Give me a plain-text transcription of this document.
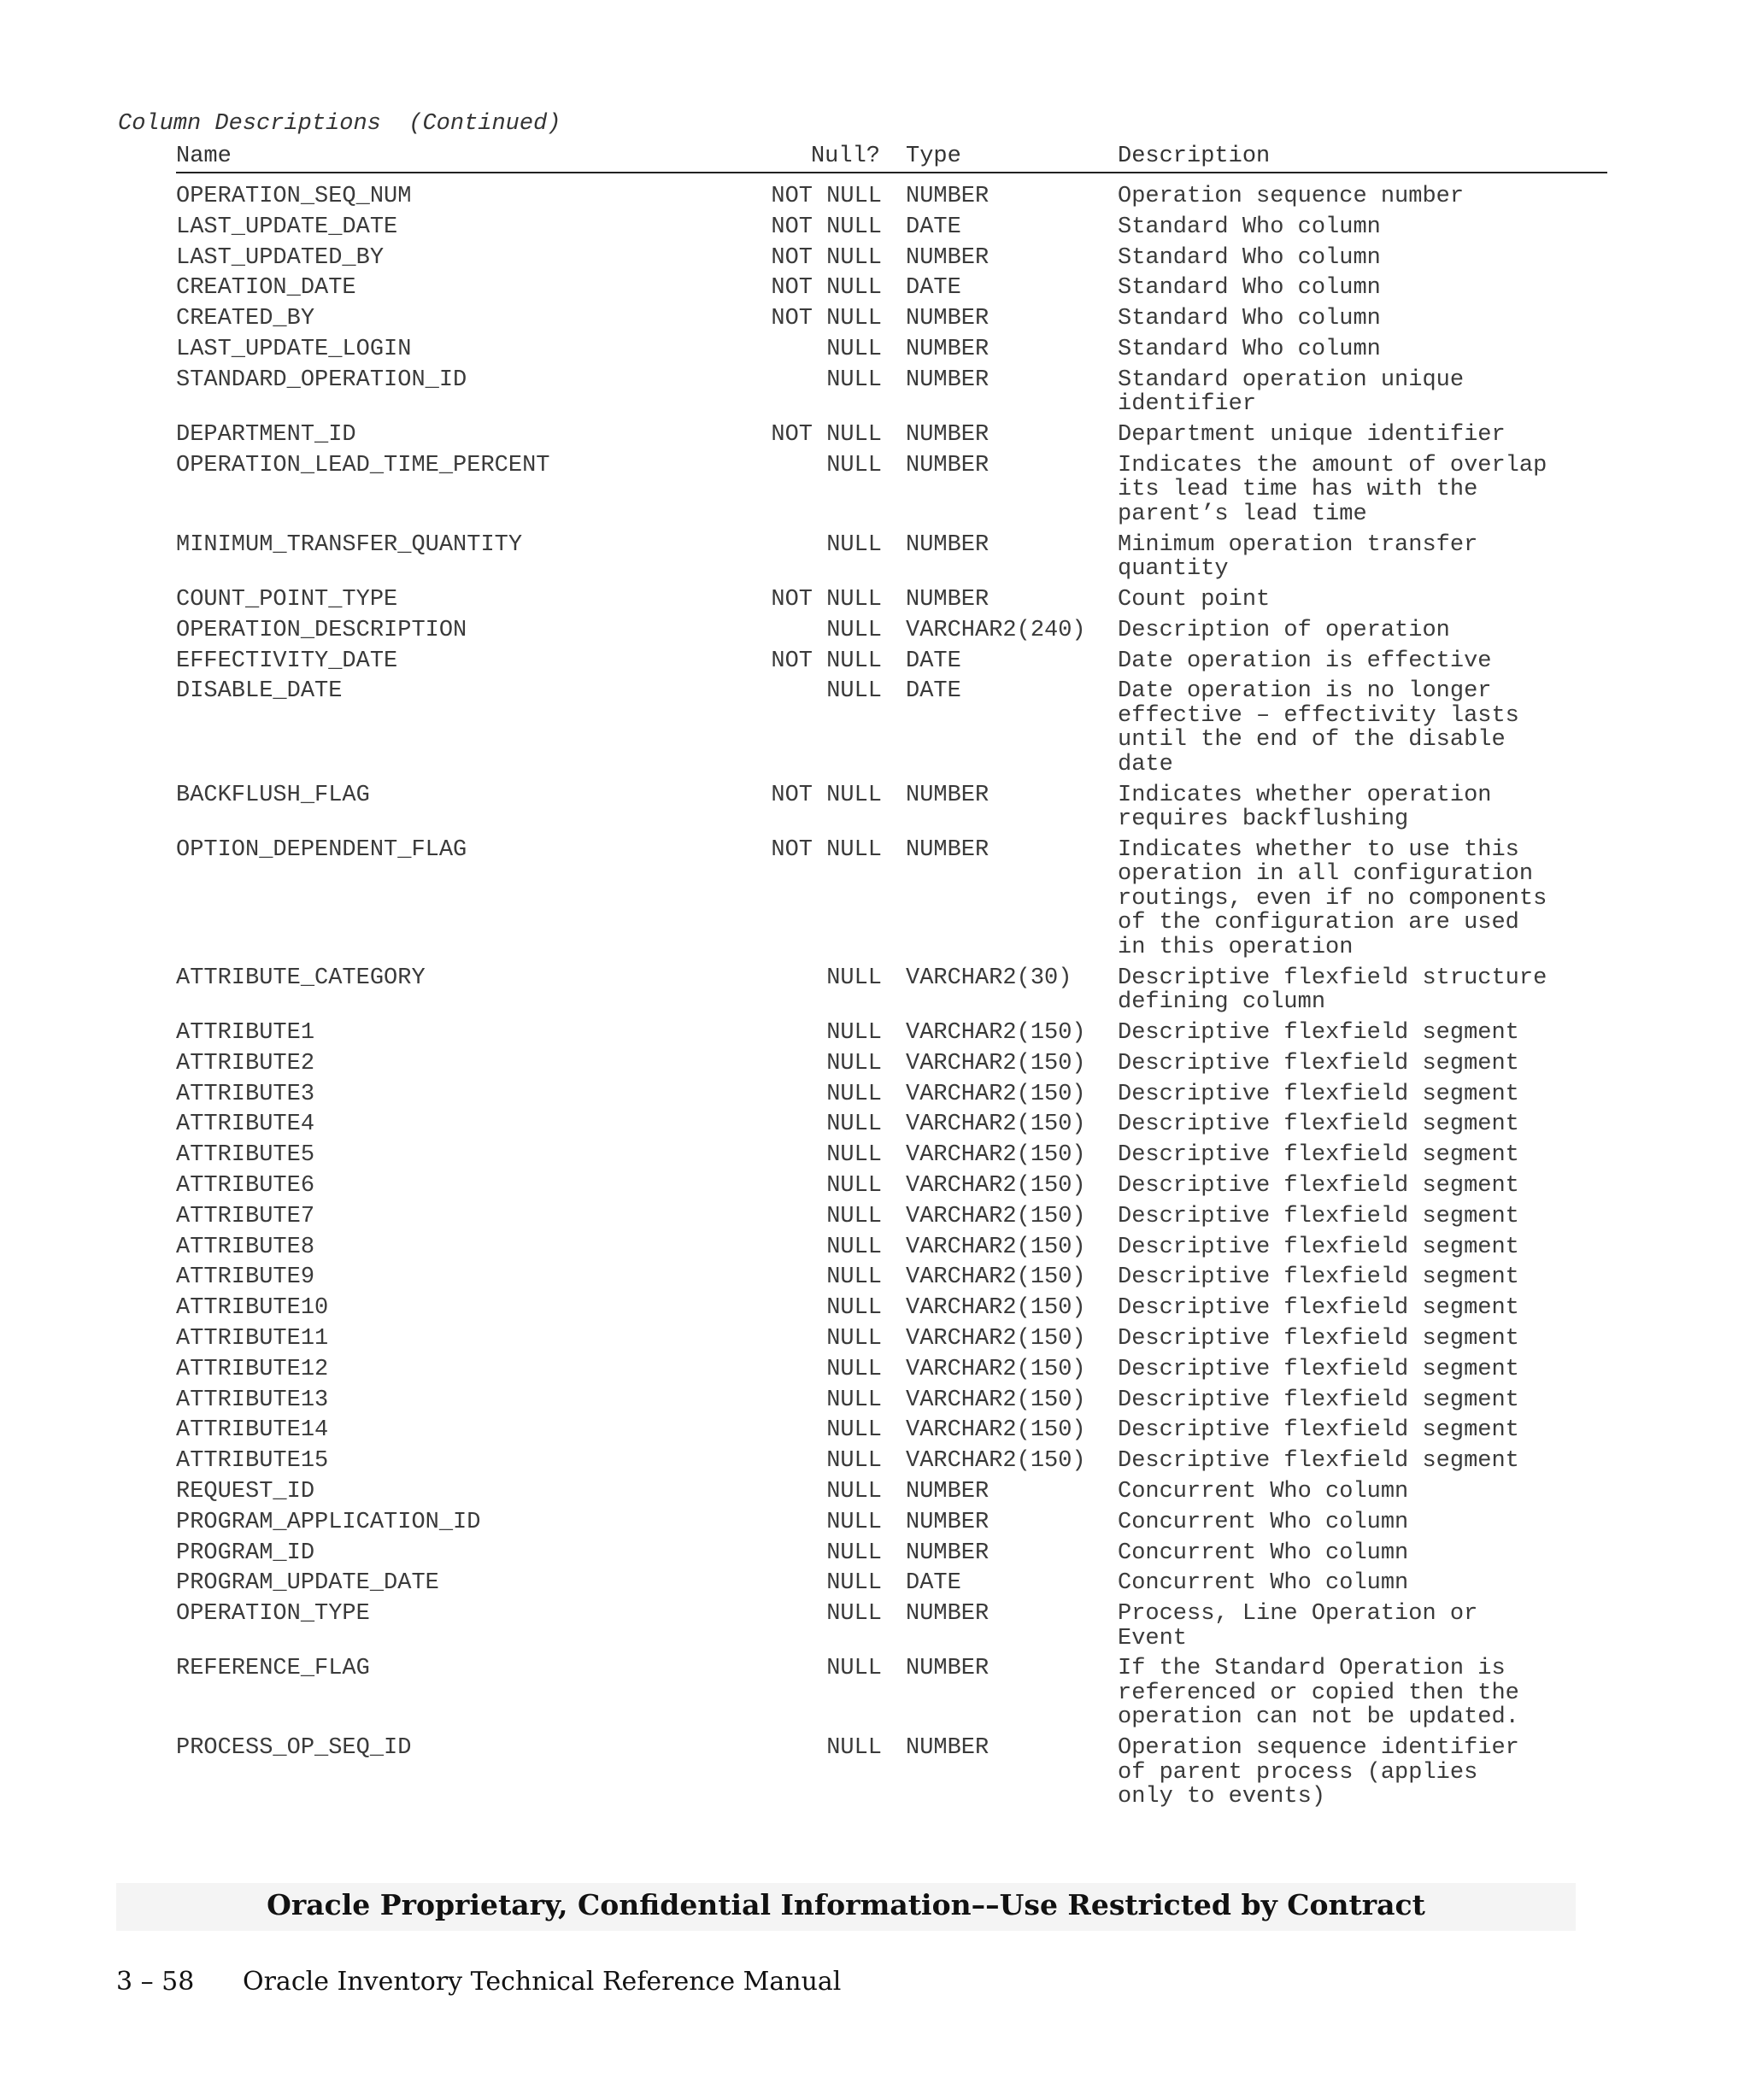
Column Descriptions  (Continued)
Name	Null? Type	Description
OPERATION_SEQ_NUM	NOT NULL NUMBER	Operation sequence number
LAST_UPDATE_DATE	NOT NULL DATE	Standard Who column
LAST_UPDATED_BY	NOT NULL NUMBER	Standard Who column
CREATION_DATE	NOT NULL DATE	Standard Who column
CREATED_BY	NOT NULL NUMBER	Standard Who column
LAST_UPDATE_LOGIN	NULL NUMBER	Standard Who column
STANDARD_OPERATION_ID	NULL NUMBER	Standard operation unique
identifier
DEPARTMENT_ID	NOT NULL NUMBER	Department unique identifier
OPERATION_LEAD_TIME_PERCENT	NULL NUMBER	Indicates the amount of overlap
its lead time has with the
parent’s lead time
MINIMUM_TRANSFER_QUANTITY	NULL NUMBER	Minimum operation transfer
quantity
COUNT_POINT_TYPE	NOT NULL NUMBER	Count point
OPERATION_DESCRIPTION	NULL VARCHAR2(240) Description of operation
EFFECTIVITY_DATE	NOT NULL DATE	Date operation is effective
DISABLE_DATE	NULL DATE	Date operation is no longer
effective – effectivity lasts
until the end of the disable
date
BACKFLUSH_FLAG	NOT NULL NUMBER	Indicates whether operation
requires backflushing
OPTION_DEPENDENT_FLAG	NOT NULL NUMBER	Indicates whether to use this
operation in all configuration
routings, even if no components
of the configuration are used
in this operation
ATTRIBUTE_CATEGORY	NULL VARCHAR2(30) Descriptive flexfield structure
defining column
ATTRIBUTE1	NULL VARCHAR2(150) Descriptive flexfield segment
ATTRIBUTE2	NULL VARCHAR2(150) Descriptive flexfield segment
ATTRIBUTE3	NULL VARCHAR2(150) Descriptive flexfield segment
ATTRIBUTE4	NULL VARCHAR2(150) Descriptive flexfield segment
ATTRIBUTE5	NULL VARCHAR2(150) Descriptive flexfield segment
ATTRIBUTE6	NULL VARCHAR2(150) Descriptive flexfield segment
ATTRIBUTE7	NULL VARCHAR2(150) Descriptive flexfield segment
ATTRIBUTE8	NULL VARCHAR2(150) Descriptive flexfield segment
ATTRIBUTE9	NULL VARCHAR2(150) Descriptive flexfield segment
ATTRIBUTE10	NULL VARCHAR2(150) Descriptive flexfield segment
ATTRIBUTE11	NULL VARCHAR2(150) Descriptive flexfield segment
ATTRIBUTE12	NULL VARCHAR2(150) Descriptive flexfield segment
ATTRIBUTE13	NULL VARCHAR2(150) Descriptive flexfield segment
ATTRIBUTE14	NULL VARCHAR2(150) Descriptive flexfield segment
ATTRIBUTE15	NULL VARCHAR2(150) Descriptive flexfield segment
REQUEST_ID	NULL NUMBER	Concurrent Who column
PROGRAM_APPLICATION_ID	NULL NUMBER	Concurrent Who column
PROGRAM_ID	NULL NUMBER	Concurrent Who column
PROGRAM_UPDATE_DATE	NULL DATE	Concurrent Who column
OPERATION_TYPE	NULL NUMBER	Process, Line Operation or
Event
REFERENCE_FLAG	NULL NUMBER	If the Standard Operation is
referenced or copied then the
operation can not be updated.
PROCESS_OP_SEQ_ID	NULL NUMBER	Operation sequence identifier
of parent process (applies
only to events)
Oracle Proprietary, Confidential Information––Use Restricted by Contract
3 – 58 Oracle Inventory Technical Reference Manual
